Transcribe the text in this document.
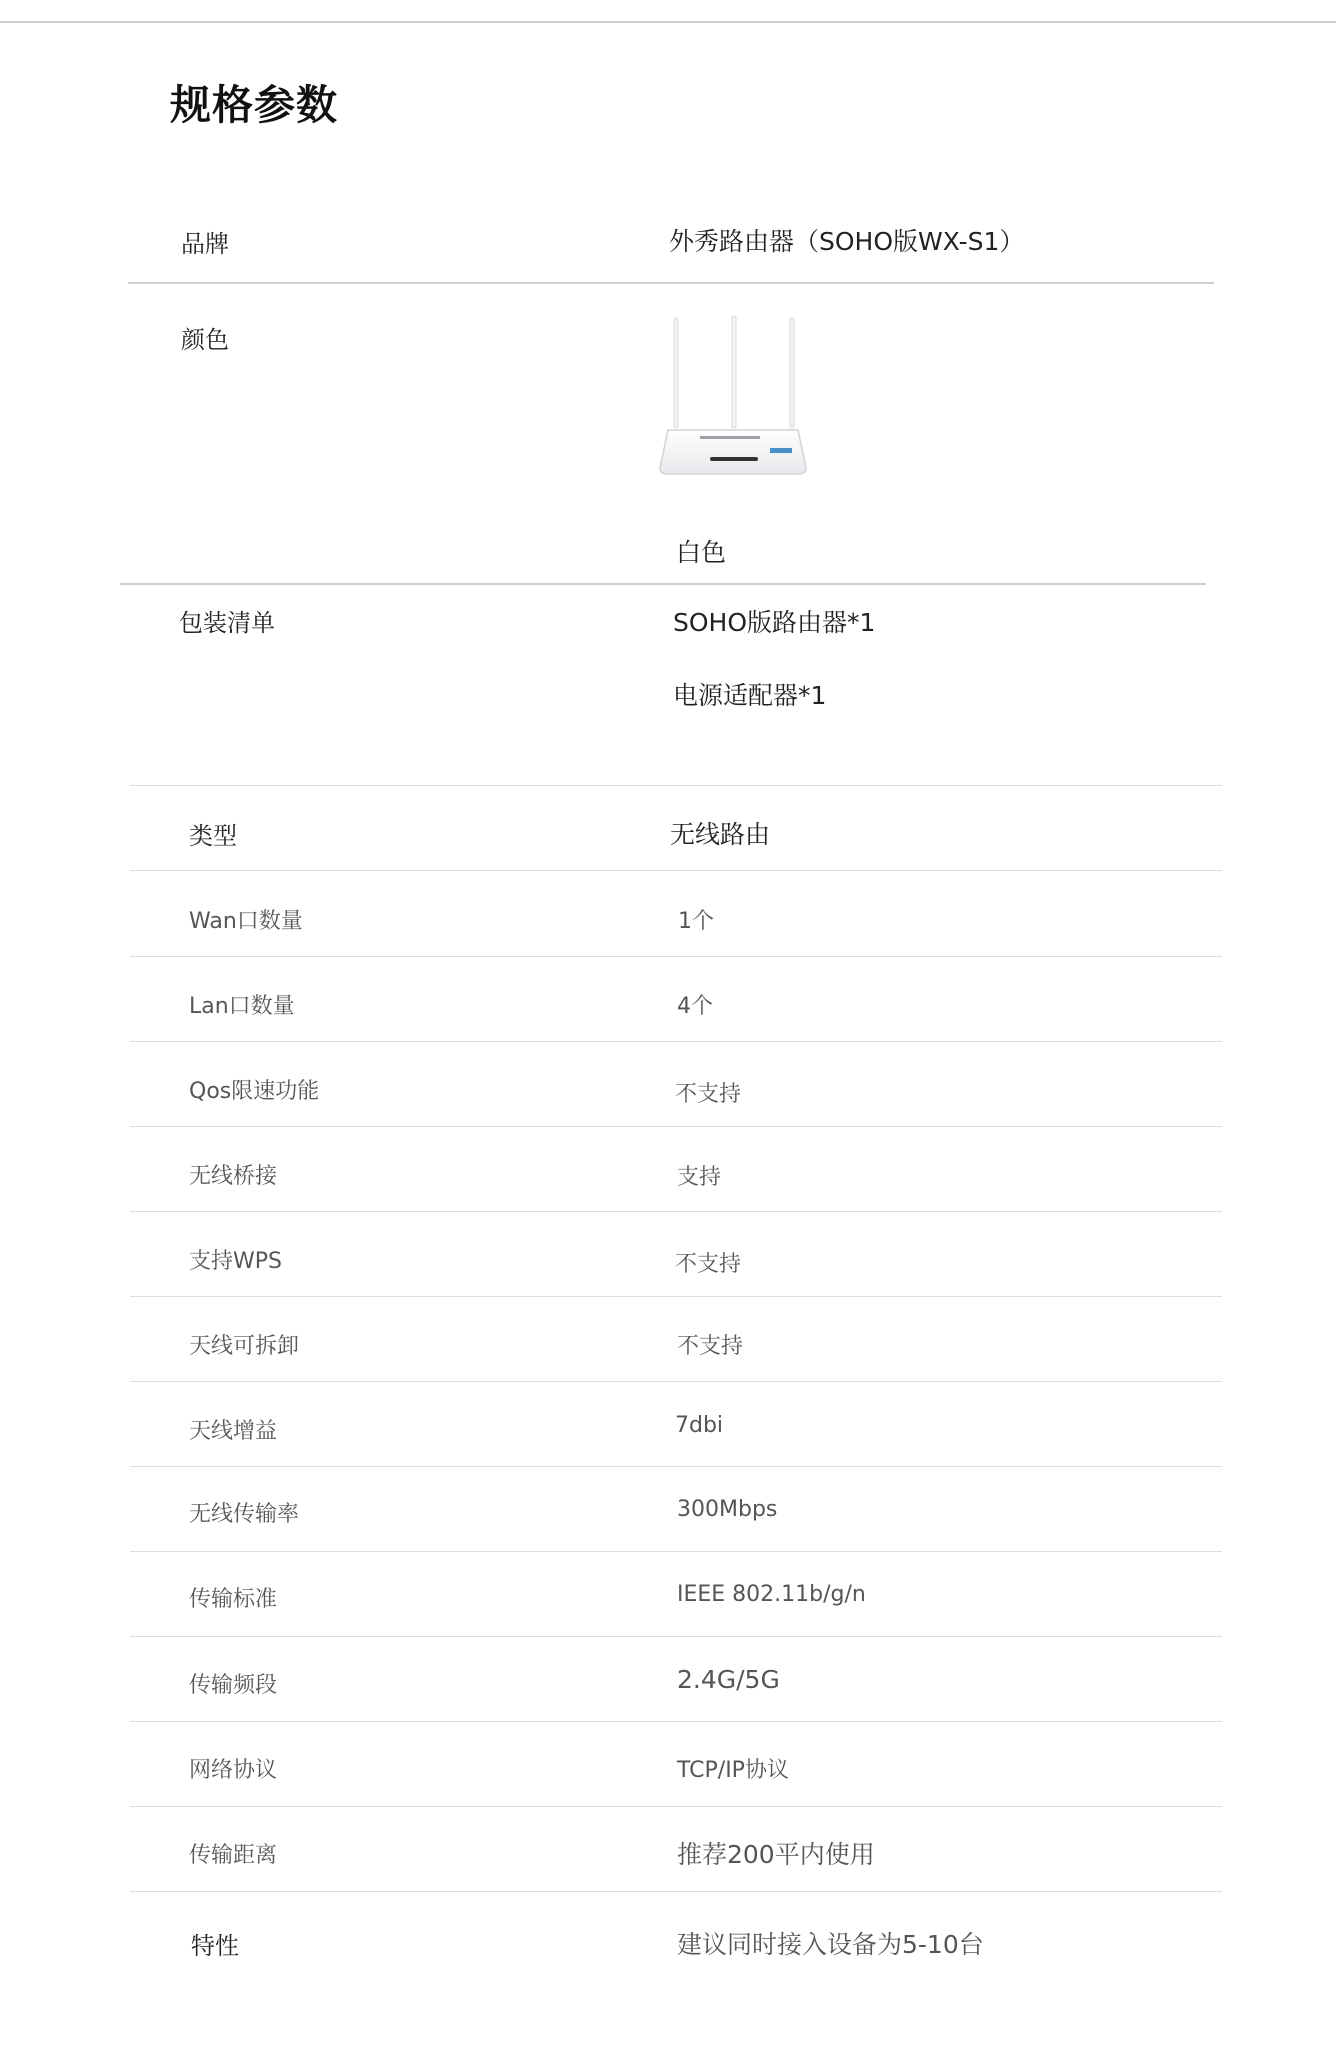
规格参数
品牌	外秀路由器（SOHO版WX-S1）
颜色
白色
包装清单	SOHO版路由器*1
电源适配器*1
类型	无线路由
Wan口数量	1个
Lan口数量	4个
Qos限速功能	不支持
无线桥接	支持
支持WPS	不支持
天线可拆卸	不支持
天线增益	7dbi
无线传输率	300Mbps
传输标准	IEEE 802.11b/g/n
传输频段	2.4G/5G
网络协议	TCP/IP协议
传输距离	推荐200平内使用
特性	建议同时接入设备为5-10台
